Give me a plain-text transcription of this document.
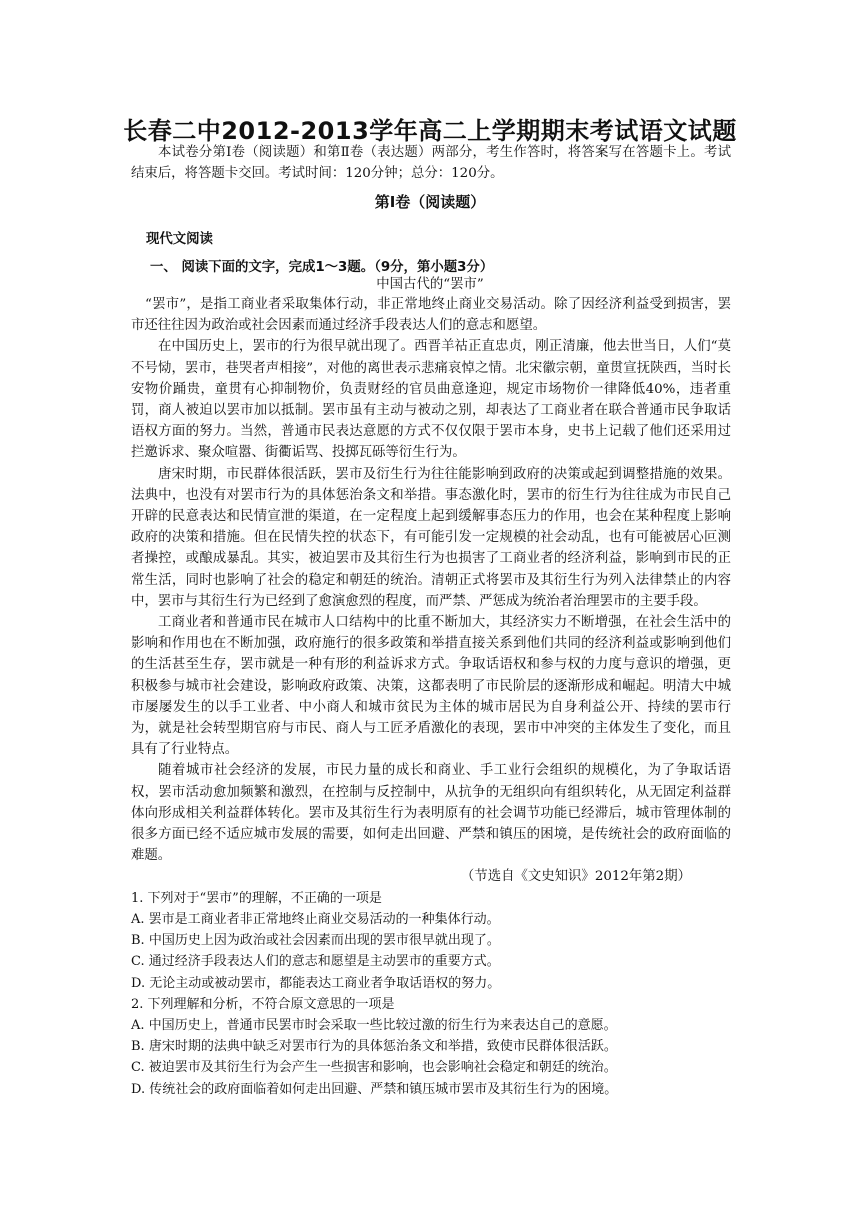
长春二中2012-2013学年高二上学期期末考试语文试题

本试卷分第Ⅰ卷（阅读题）和第Ⅱ卷（表达题）两部分，考生作答时，将答案写在答题卡上。考试结束后，将答题卡交回。考试时间：120分钟；总分：120分。

第Ⅰ卷（阅读题）
现代文阅读
一、 阅读下面的文字，完成1～3题。（9分，第小题3分）
中国古代的“罢市”

“罢市”，是指工商业者采取集体行动，非正常地终止商业交易活动。除了因经济利益受到损害，罢市还往往因为政治或社会因素而通过经济手段表达人们的意志和愿望。

在中国历史上，罢市的行为很早就出现了。西晋羊祜正直忠贞，刚正清廉，他去世当日，人们“莫不号恸，罢市，巷哭者声相接”，对他的离世表示悲痛哀悼之情。北宋徽宗朝，童贯宣抚陕西，当时长安物价踊贵，童贯有心抑制物价，负责财经的官员曲意逢迎，规定市场物价一律降低40%，违者重罚，商人被迫以罢市加以抵制。罢市虽有主动与被动之别，却表达了工商业者在联合普通市民争取话语权方面的努力。当然，普通市民表达意愿的方式不仅仅限于罢市本身，史书上记载了他们还采用过拦邀诉求、聚众喧嚣、街衢诟骂、投掷瓦砾等衍生行为。

唐宋时期，市民群体很活跃，罢市及衍生行为往往能影响到政府的决策或起到调整措施的效果。法典中，也没有对罢市行为的具体惩治条文和举措。事态激化时，罢市的衍生行为往往成为市民自己开辟的民意表达和民情宣泄的渠道，在一定程度上起到缓解事态压力的作用，也会在某种程度上影响政府的决策和措施。但在民情失控的状态下，有可能引发一定规模的社会动乱，也有可能被居心叵测者操控，或酿成暴乱。其实，被迫罢市及其衍生行为也损害了工商业者的经济利益，影响到市民的正常生活，同时也影响了社会的稳定和朝廷的统治。清朝正式将罢市及其衍生行为列入法律禁止的内容中，罢市与其衍生行为已经到了愈演愈烈的程度，而严禁、严惩成为统治者治理罢市的主要手段。

工商业者和普通市民在城市人口结构中的比重不断加大，其经济实力不断增强，在社会生活中的影响和作用也在不断加强，政府施行的很多政策和举措直接关系到他们共同的经济利益或影响到他们的生活甚至生存，罢市就是一种有形的利益诉求方式。争取话语权和参与权的力度与意识的增强，更积极参与城市社会建设，影响政府政策、决策，这都表明了市民阶层的逐渐形成和崛起。明清大中城市屡屡发生的以手工业者、中小商人和城市贫民为主体的城市居民为自身利益公开、持续的罢市行为，就是社会转型期官府与市民、商人与工匠矛盾激化的表现，罢市中冲突的主体发生了变化，而且具有了行业特点。

随着城市社会经济的发展，市民力量的成长和商业、手工业行会组织的规模化，为了争取话语权，罢市活动愈加频繁和激烈，在控制与反控制中，从抗争的无组织向有组织转化，从无固定利益群体向形成相关利益群体转化。罢市及其衍生行为表明原有的社会调节功能已经滞后，城市管理体制的很多方面已经不适应城市发展的需要，如何走出回避、严禁和镇压的困境，是传统社会的政府面临的难题。

（节选自《文史知识》2012年第2期）

1. 下列对于“罢市”的理解，不正确的一项是

A. 罢市是工商业者非正常地终止商业交易活动的一种集体行动。

B. 中国历史上因为政治或社会因素而出现的罢市很早就出现了。

C. 通过经济手段表达人们的意志和愿望是主动罢市的重要方式。

D. 无论主动或被动罢市，都能表达工商业者争取话语权的努力。

2. 下列理解和分析，不符合原文意思的一项是

A. 中国历史上，普通市民罢市时会采取一些比较过激的衍生行为来表达自己的意愿。

B. 唐宋时期的法典中缺乏对罢市行为的具体惩治条文和举措，致使市民群体很活跃。

C. 被迫罢市及其衍生行为会产生一些损害和影响，也会影响社会稳定和朝廷的统治。

D. 传统社会的政府面临着如何走出回避、严禁和镇压城市罢市及其衍生行为的困境。
